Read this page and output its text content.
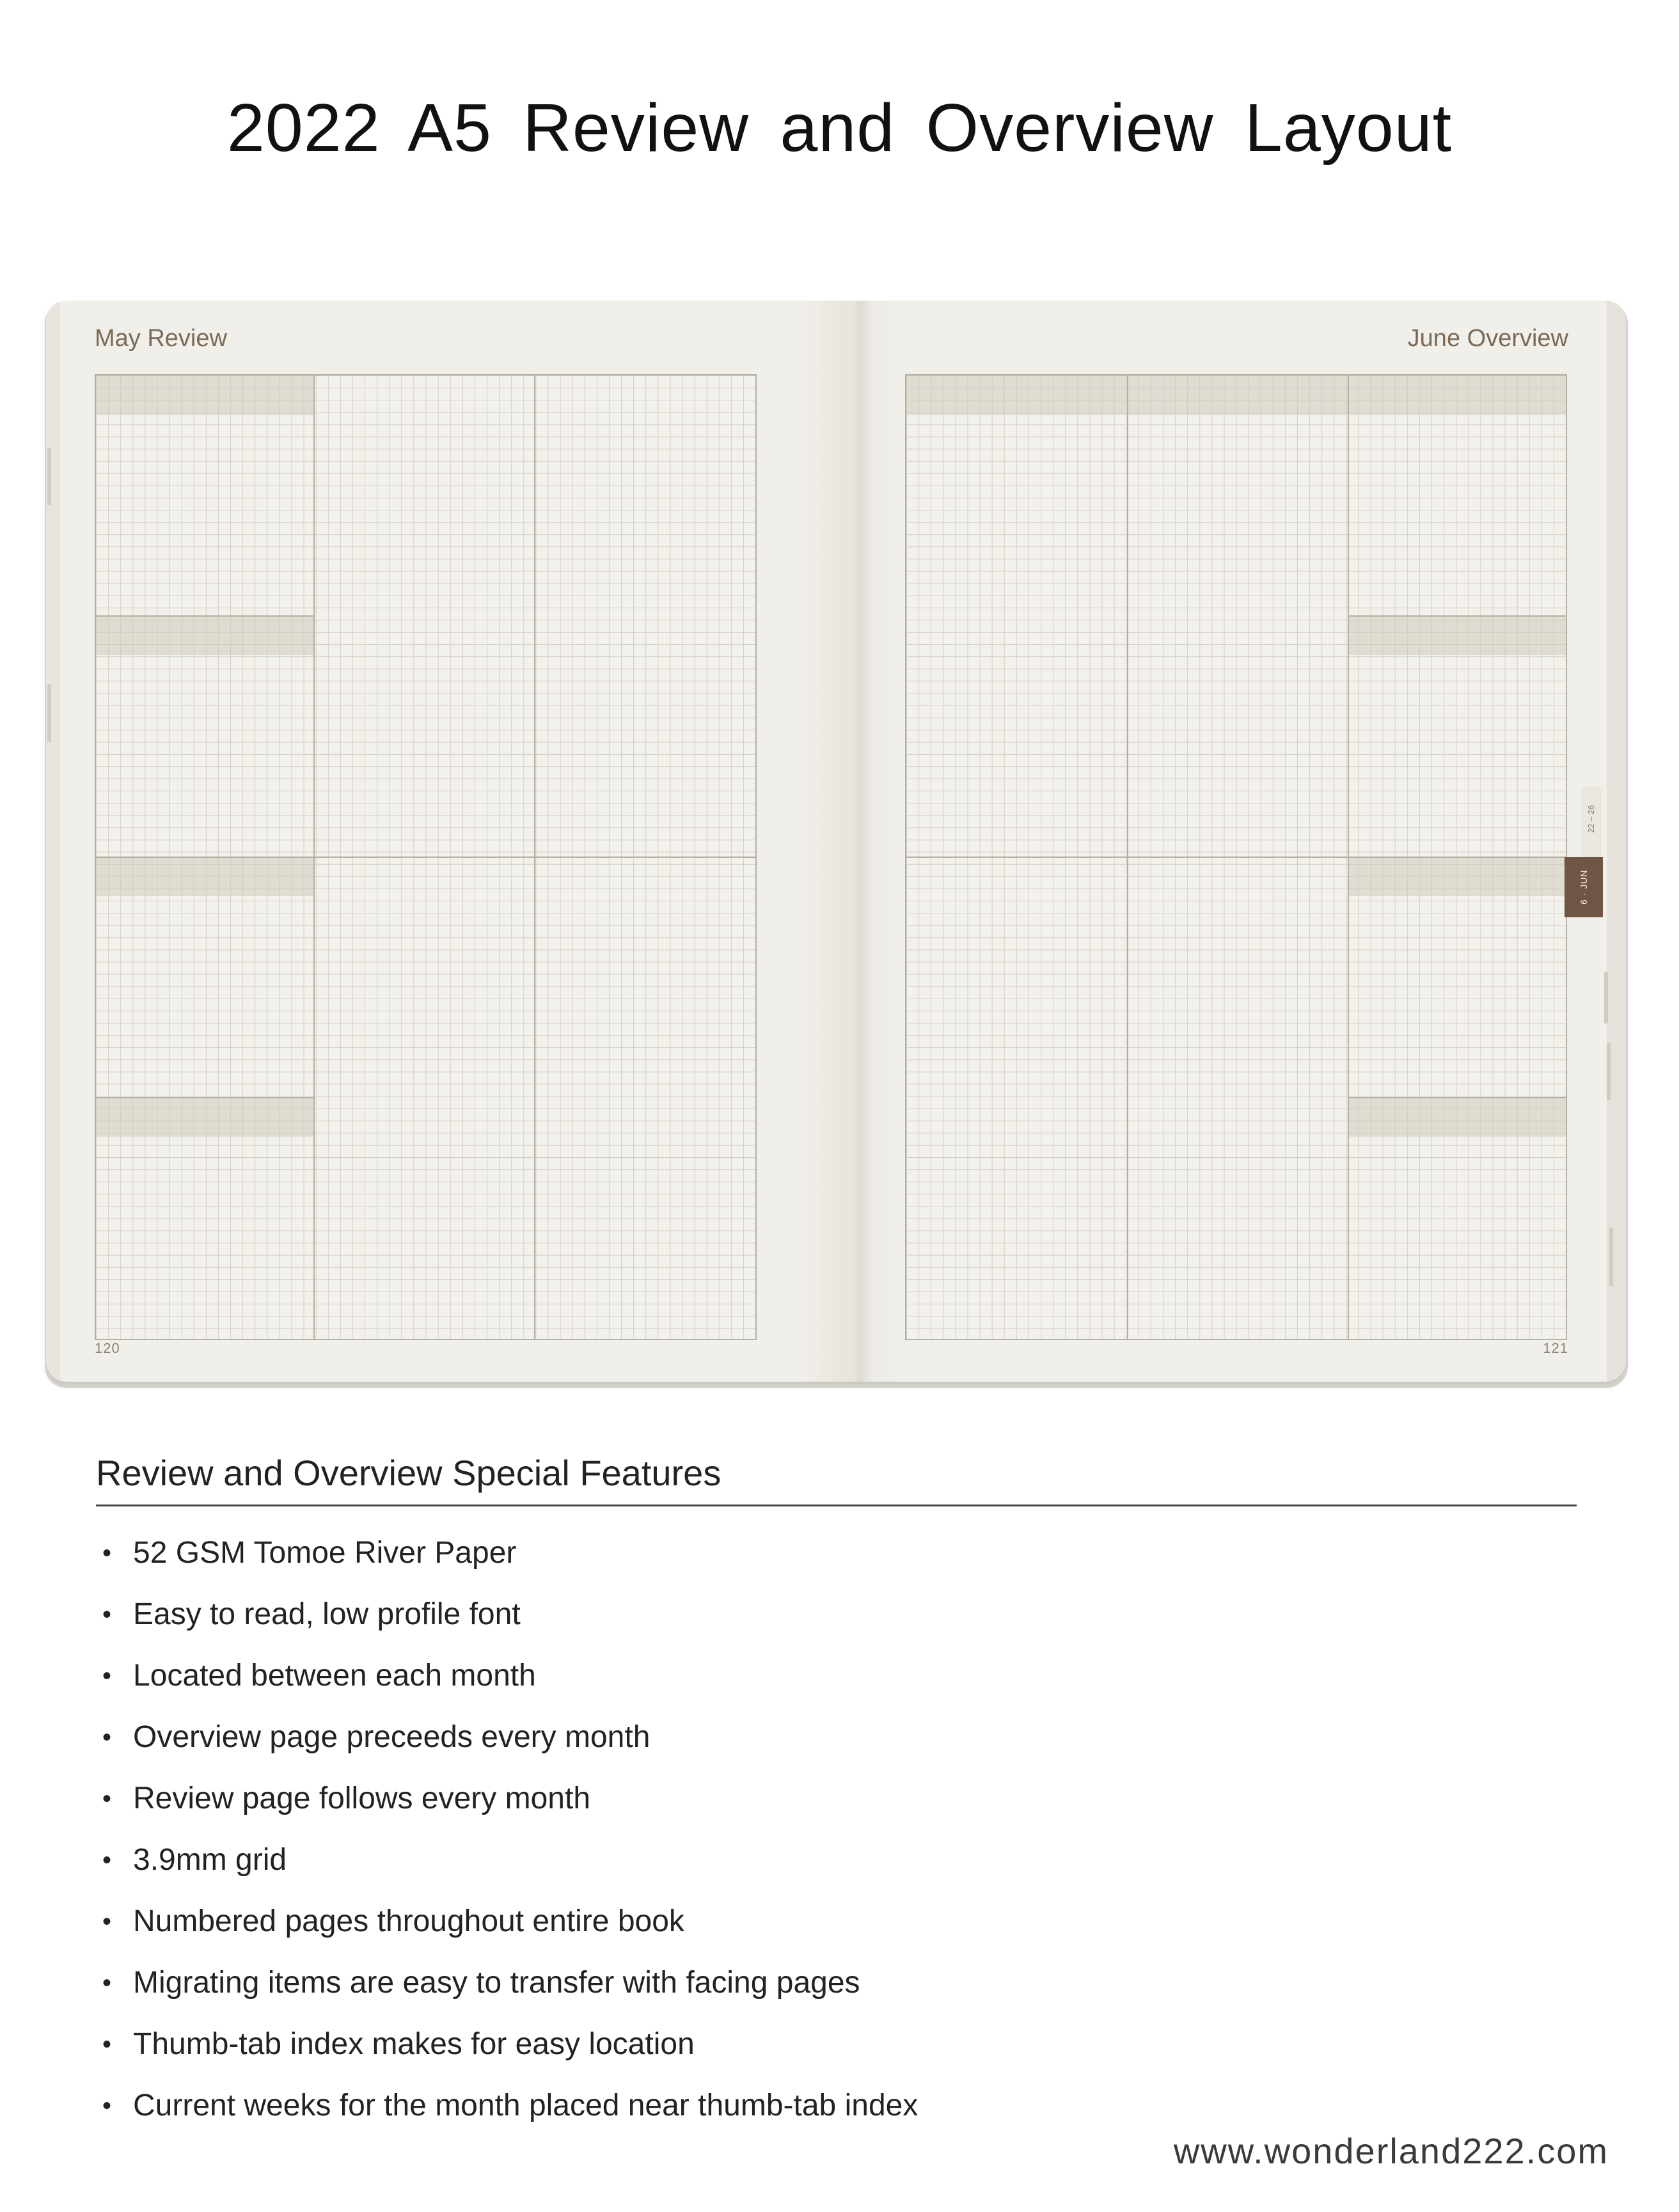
2022 A5 Review and Overview Layout
May Review
120
June Overview
121
22 – 26
6 · JUN
Review and Overview Special Features
• 52 GSM Tomoe River Paper
• Easy to read, low profile font
• Located between each month
• Overview page preceeds every month
• Review page follows every month
• 3.9mm grid
• Numbered pages throughout entire book
• Migrating items are easy to transfer with facing pages
• Thumb-tab index makes for easy location
• Current weeks for the month placed near thumb-tab index
www.wonderland222.com
